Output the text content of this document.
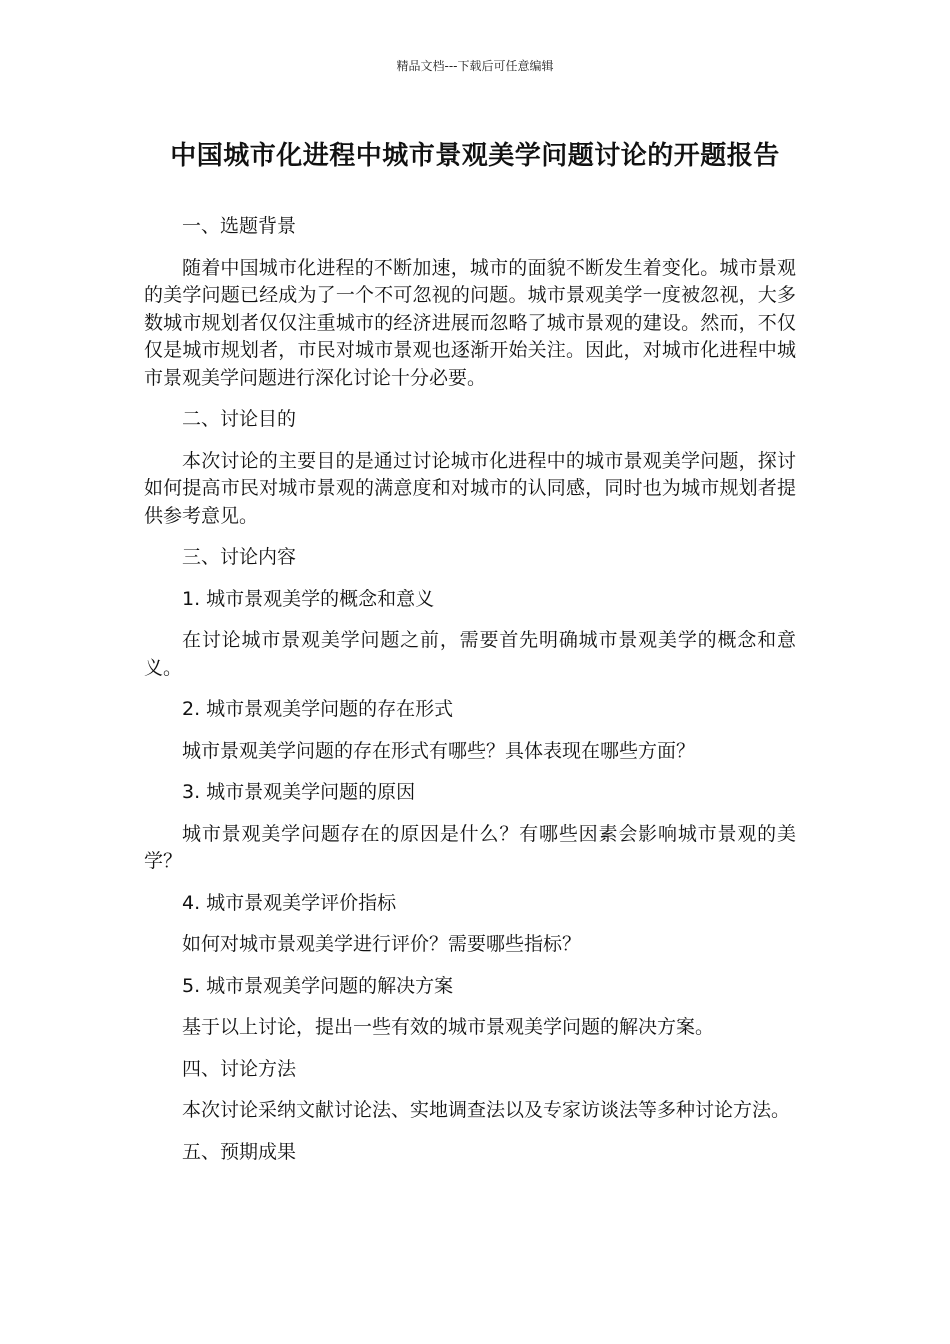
精品文档---下载后可任意编辑
中国城市化进程中城市景观美学问题讨论的开题报告

一、选题背景

随着中国城市化进程的不断加速，城市的面貌不断发生着变化。城市景观的美学问题已经成为了一个不可忽视的问题。城市景观美学一度被忽视，大多数城市规划者仅仅注重城市的经济进展而忽略了城市景观的建设。然而，不仅仅是城市规划者，市民对城市景观也逐渐开始关注。因此，对城市化进程中城市景观美学问题进行深化讨论十分必要。

二、讨论目的

本次讨论的主要目的是通过讨论城市化进程中的城市景观美学问题，探讨如何提高市民对城市景观的满意度和对城市的认同感，同时也为城市规划者提供参考意见。

三、讨论内容

1. 城市景观美学的概念和意义

在讨论城市景观美学问题之前，需要首先明确城市景观美学的概念和意义。

2. 城市景观美学问题的存在形式

城市景观美学问题的存在形式有哪些？具体表现在哪些方面？

3. 城市景观美学问题的原因

城市景观美学问题存在的原因是什么？有哪些因素会影响城市景观的美学？

4. 城市景观美学评价指标

如何对城市景观美学进行评价？需要哪些指标？

5. 城市景观美学问题的解决方案

基于以上讨论，提出一些有效的城市景观美学问题的解决方案。

四、讨论方法

本次讨论采纳文献讨论法、实地调查法以及专家访谈法等多种讨论方法。

五、预期成果
